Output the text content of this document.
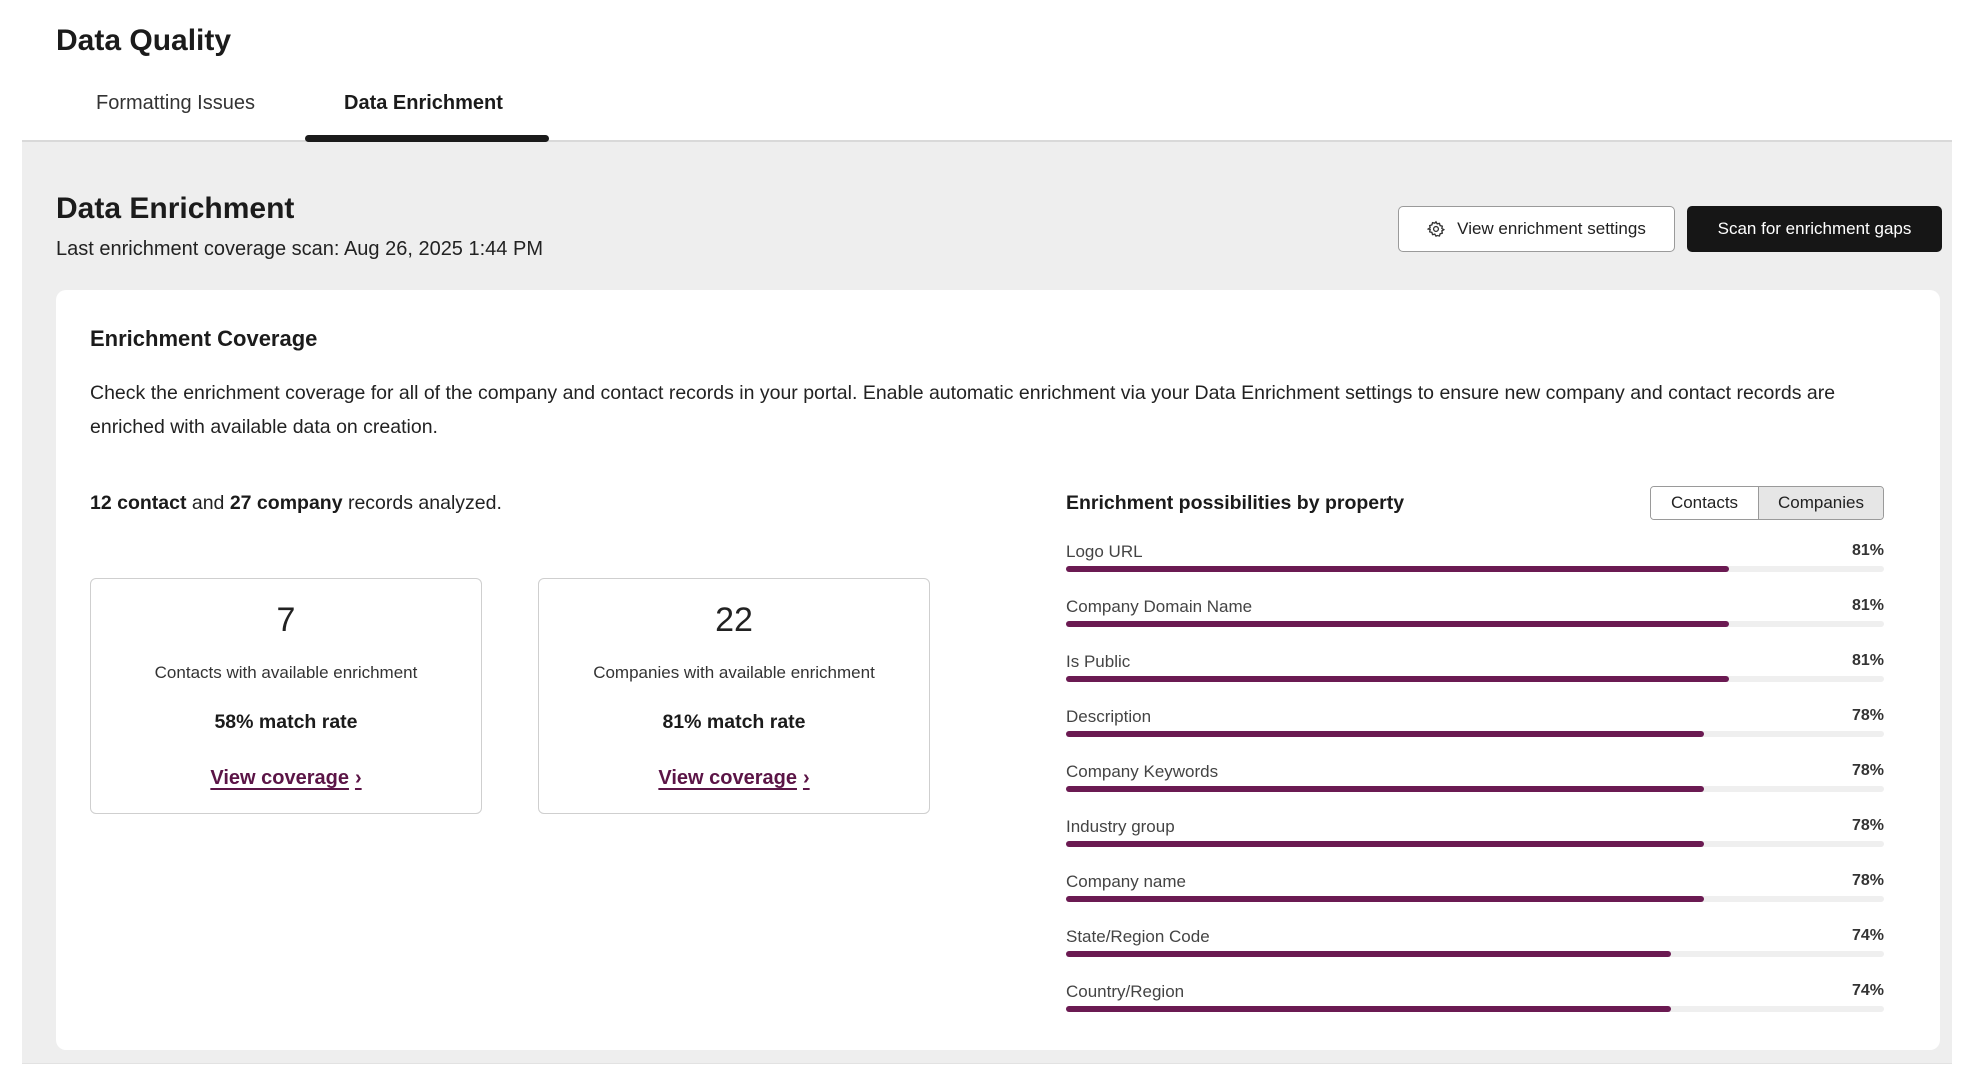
Data Quality
Formatting Issues	Data Enrichment
Data Enrichment
Last enrichment coverage scan: Aug 26, 2025 1:44 PM
View enrichment settings	Scan for enrichment gaps
Enrichment Coverage
Check the enrichment coverage for all of the company and contact records in your portal. Enable automatic enrichment via your Data Enrichment settings to ensure new company and contact records are enriched with available data on creation.
12 contact and 27 company records analyzed.
7
Contacts with available enrichment
58% match rate
View coverage ›
22
Companies with available enrichment
81% match rate
View coverage ›
Enrichment possibilities by property	Contacts	Companies
Logo URL	81%
Company Domain Name	81%
Is Public	81%
Description	78%
Company Keywords	78%
Industry group	78%
Company name	78%
State/Region Code	74%
Country/Region	74%
